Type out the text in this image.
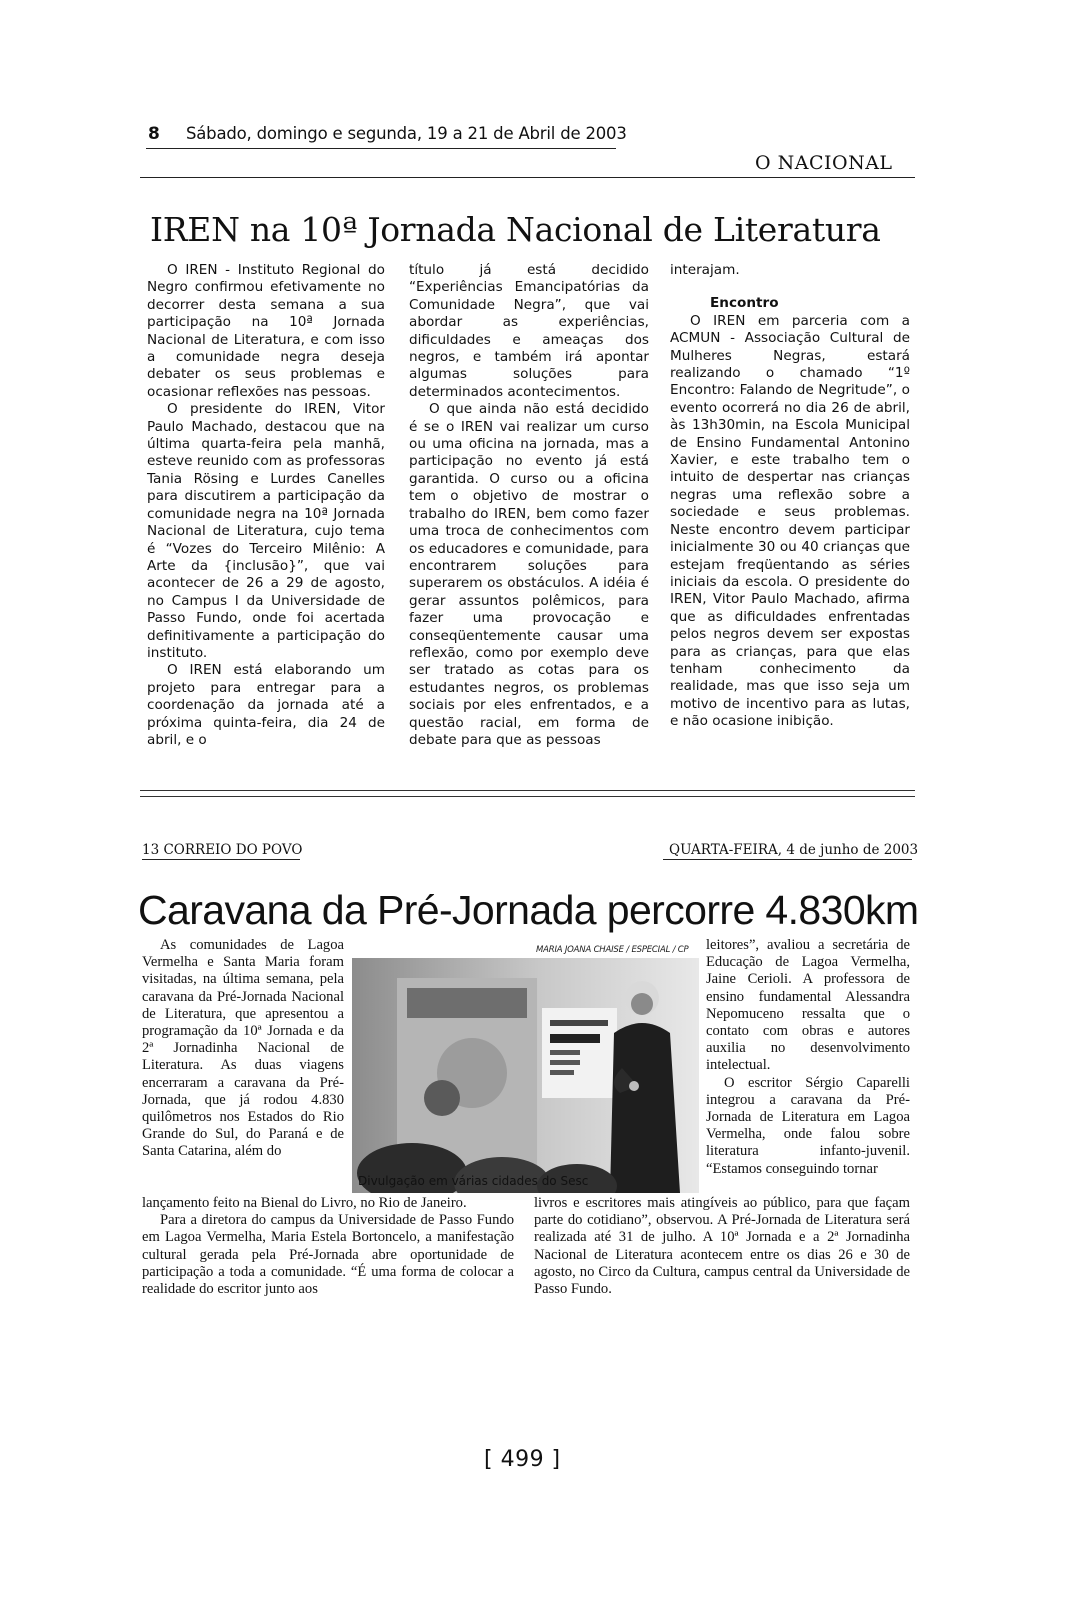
8 Sábado, domingo e segunda, 19 a 21 de Abril de 2003
O NACIONAL
IREN na 10ª Jornada Nacional de Literatura

O IREN - Instituto Regional do Negro confirmou efetivamente no decorrer desta semana a sua participação na 10ª Jornada Nacional de Literatura, e com isso a comunidade negra deseja debater os seus problemas e ocasionar reflexões nas pessoas.

O presidente do IREN, Vitor Paulo Machado, destacou que na última quarta-feira pela manhã, esteve reunido com as professoras Tania Rösing e Lurdes Canelles para discutirem a participação da comunidade negra na 10ª Jornada Nacional de Literatura, cujo tema é “Vozes do Terceiro Milênio: A Arte da {inclusão}”, que vai acontecer de 26 a 29 de agosto, no Campus I da Universidade de Passo Fundo, onde foi acertada definitivamente a participação do instituto.

O IREN está elaborando um projeto para entregar para a coordenação da jornada até a próxima quinta-feira, dia 24 de abril, e o

título já está decidido “Experiências Emancipatórias da Comunidade Negra”, que vai abordar as experiências, dificuldades e ameaças dos negros, e também irá apontar algumas soluções para determinados acontecimentos.

O que ainda não está decidido é se o IREN vai realizar um curso ou uma oficina na jornada, mas a participação no evento já está garantida. O curso ou a oficina tem o objetivo de mostrar o trabalho do IREN, bem como fazer uma troca de conhecimentos com os educadores e comunidade, para encontrarem soluções para superarem os obstáculos. A idéia é gerar assuntos polêmicos, para fazer uma provocação e conseqüentemente causar uma reflexão, como por exemplo deve ser tratado as cotas para os estudantes negros, os problemas sociais por eles enfrentados, e a questão racial, em forma de debate para que as pessoas

interajam.

Encontro

O IREN em parceria com a ACMUN - Associação Cultural de Mulheres Negras, estará realizando o chamado “1º Encontro: Falando de Negritude”, o evento ocorrerá no dia 26 de abril, às 13h30min, na Escola Municipal de Ensino Fundamental Antonino Xavier, e este trabalho tem o intuito de despertar nas crianças negras uma reflexão sobre a sociedade e seus problemas. Neste encontro devem participar inicialmente 30 ou 40 crianças que estejam freqüentando as séries iniciais da escola. O presidente do IREN, Vitor Paulo Machado, afirma que as dificuldades enfrentadas pelos negros devem ser expostas para as crianças, para que elas tenham conhecimento da realidade, mas que isso seja um motivo de incentivo para as lutas, e não ocasione inibição.

13 CORREIO DO POVO	QUARTA-FEIRA, 4 de junho de 2003
Caravana da Pré-Jornada percorre 4.830km

As comunidades de Lagoa Vermelha e Santa Maria foram visitadas, na última semana, pela caravana da Pré-Jornada Nacional de Literatura, que apresentou a programação da 10ª Jornada e da 2ª Jornadinha Nacional de Literatura. As duas viagens encerraram a caravana da Pré-Jornada, que já rodou 4.830 quilômetros nos Estados do Rio Grande do Sul, do Paraná e de Santa Catarina, além do

lançamento feito na Bienal do Livro, no Rio de Janeiro.

Para a diretora do campus da Universidade de Passo Fundo em Lagoa Vermelha, Maria Estela Bortoncelo, a manifestação cultural gerada pela Pré-Jornada abre oportunidade de participação a toda a comunidade. “É uma forma de colocar a realidade do escritor junto aos

MARIA JOANA CHAISE / ESPECIAL / CP
Divulgação em várias cidades do Sesc

leitores”, avaliou a secretária de Educação de Lagoa Vermelha, Jaine Cerioli. A professora de ensino fundamental Alessandra Nepomuceno ressalta que o contato com obras e autores auxilia no desenvolvimento intelectual.

O escritor Sérgio Caparelli integrou a caravana da Pré-Jornada de Literatura em Lagoa Vermelha, onde falou sobre literatura infanto-juvenil. “Estamos conseguindo tornar

livros e escritores mais atingíveis ao público, para que façam parte do cotidiano”, observou. A Pré-Jornada de Literatura será realizada até 31 de julho. A 10ª Jornada e a 2ª Jornadinha Nacional de Literatura acontecem entre os dias 26 e 30 de agosto, no Circo da Cultura, campus central da Universidade de Passo Fundo.

[ 499 ]
